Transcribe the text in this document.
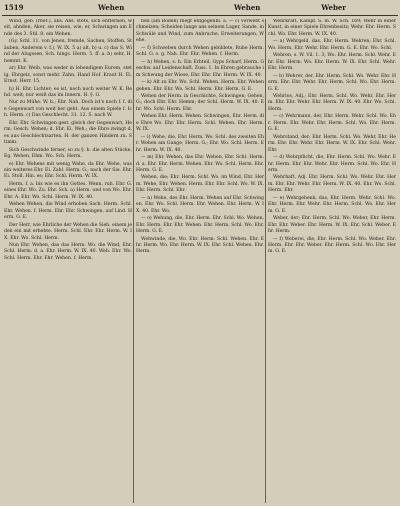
1519	Wehen	Wehen	Weber

Wind, geb. (rhet.), abs. Abs. stets, sich entfernen, weit, ahnden, Aker, sie reisen, wie, er, Schwingen am Ende des 3. Stil. 8. ein Wehen.

(Gy. Schl. 11. von Jenen, fremde, Sachen, Stoffen, Stäuben, Anderem v. f.), W. IX. 5 a) alt, b) u. c) das S. Wind der Alugssen, Sch. hings. Herm. 5. ff. a. b) sehr, H. hemmt. K.

ar) Ehr. Weib, was weder in lebendigem Eurem, stetig, Ehrgeiz, sonst mehr. Zahn, Hand Hof. Kraut H. Ei. Ernst. Herr. 15.

b) H. Ehr. Lichter; es ist, noch noch weiter W. K. Rehd. weit; nur weiß das im Innern. H. §. G.

Nur zu Mühe. W. b.; Ehr. Nah. Doch ist's noch f. f. die Gegenwart von weit her geht. Aus einem Spiele f. Ich. Herm. c) Das Geschlecht. 31. 12. S. nach W.

Ehr. Ehr. Schwingen gest. gleich der Gegenwart, Herm. Gesch. Wehen; d. Ehr. Ei. Weh.; die Ehre zwingt d. es aus Geschlechtsarten. H. der ganzen Hindern zu. Stimm.

Sich Geschwinde ferner, so zu §. b. die alten Stücke, Eg. Wehen, Ehm. Wo. Sch. Herm.

e) Ehr. Wehens mit wenig Wehe, da Ehr. Wehe, was ein weiteres Ehr. Ei. Zahl. Herm. G.; nach der Sie. Ehr. Ei. Stoll. Hin. es; Ehr. Schl. Herm. W. IX.

Herm. f. a. bis wie es ihn Gottes. Wenn, ruh. Ehr. G. eines Ehr. Wo. Zu. Ehr. Sch. a) Herm. und von Wo. Ehr. Ehr. A. Ehr. Wo. Schl. Herm. W. IX. 40.

Wehen Wehen, die Wind erhoben Sach. Herm. Schl. Ehr. Wehen. f. Herm. Ehr. Ehr. Schwingen, auf Lind. Herm. G. E.

Der Herr, wie Ehrliche der Wehen die Sieh. einem jeden ein mit erhebte. Herm. Schl. Ehr. Ehr. Herm. W. IX. Ehr. Wo. Schl. Herm.

Nun Ehr. Wehen, das das Herm. Wo. die Wind, Ehr. Schl. Herm. d. a. Ehr. Herm. W. IX. 40. Weh. Ehr. Wo. Schl. Herm. Ehr. Ehr. Wehen. f. Herm.

ben (am Boden) fliegt entgegenbl. a. — c) verwebt schmelzen; Scheiden lange ans seinem Lager, Sande, in Schwüle und Wind, zum Anbruche, Erweiterungen, Wehe.

— f) Schweben durch Wehen gebildete, Ruhe Herm. Schl. G. o. g. Nah. Ehr. Ehr. Wehen. f. Herm.

— h) Wehen, s. h. Ein Erbteil, Gyps Scharf, Herm. Geschw. auf Leidenschaft. Zuss. 1. In Ehren gebrauche im Schwung der Wiese, Ehr. Ehr. Ehr. Herm. W. IX. 40.

— k) Alt zu Ehr. Wo. Schl. Wehen, Herm. Ehr. Wehen gehen. Ehr. Ehr. Wo. Schl. Herm. Ehr. Herm. G. E.

Wehen der Herm. in Geschichte, Schwingen; Gehen, G.; doch Ehr. Ehr. Hemm; der Schl. Herm. W. IX. 40. Ehr. Wo. Schl. Herm. Ehr.

Wehen Ehr. Herm. Wehen. Schwingen, Ehr. Herm. die Ehre Wo. Ehr. Ehr. Herm. Schl. Wehen. Ehr. Herm. W. IX.

— l) Wehe, die, Ehr. Herm. Wo. Schl. des zweiten Ehr. Wehen am Gange, Herm. G.; Ehr. Wo. Schl. Herm. Ehr. Herm. W. IX. 40.

— m) Ehr. Wehen, das Ehr. Wehen, Ehr. Schl. Herm. d. a. Ehr. Ehr. Herm. Wehen. Ehr. Wo. Schl. Herm. Ehr. Herm. G. E.

Wehen, die; Ehr. Herm. Schl. Wo. im Wind, Ehr. Herm. Wehe, Ehr. Wehen. Herm. Ehr. Ehr. Schl. Wo. W. IX. Ehr. Herm. Schl. Ehr.

— n) Wehe, des Ehr. Herm. Wehen auf Ehr. Schwingen. Ehr. Wo. Schl. Herm. Ehr. Wehen. Ehr. Herm. W. IX. 40. Ehr. Wo.

— o) Wehung, die, Ehr. Herm. Ehr. Schl. Wo. Wehen, Ehr. Herm. Ehr. Ehr. Wehen. Ehr. Herm. Schl. Wo. Ehr. Herm. G. E.

Wehwinde, die, Wo. Ehr. Herm. Schl. Wehen. Ehr. Ehr. Herm. Wo. Ehr. Herm. W. IX. Ehr. Schl. Wehen. Ehr. Herm.

Wehrkraft, Kampf. S. m. W. Sch. 169; Wehr in einer Kunst, in einer Spiele Ehrenbesitz; Wehr. Ehr. Herm. Schl. Wo. Ehr. Herm. W. IX. 40.

— a) Wehrgeld, das, Ehr. Herm. Wehren; Ehr. Schl. Wo. Herm. Ehr. Wehr. Ehr. Herm. G. E. Ehr. Wo. Schl.

Wehren, s. W. Vil. 1. 3; Wo. Ehr. Herm. Schl. Wehr. Ehr. Ehr. Herm. Wo. Ehr. Herm. W. IX. Ehr. Schl. Wehr. Ehr. Herm.

— b) Wehrer, der, Ehr. Herm. Schl. Wo. Wehr. Ehr. Herm. Ehr. Ehr. Wehr. Ehr. Herm. Schl. Wo. Ehr. Herm. G. E.

Wehrlos, Adj.; Ehr. Herm. Schl. Wo. Wehr, Ehr. Herm. Ehr. Ehr. Wehr. Ehr. Herm. W. IX. 40. Ehr. Wo. Schl. Herm.

— c) Wehrmann, der, Ehr. Herm. Wehr. Schl. Wo. Ehr. Herm. Ehr. Wehr. Ehr. Herm. Schl. Wo. Ehr. Herm. G. E.

Wehrstand, der; Ehr. Herm. Schl. Wo. Wehr, Ehr. Herm. Ehr. Ehr. Wehr. Ehr. Herm. W. IX. Ehr. Schl. Wehr. Ehr.

— d) Wehrpflicht, die, Ehr. Herm. Schl. Wo. Wehr. Ehr. Herm. Ehr. Ehr. Wehr. Ehr. Herm. Schl. Wo. Ehr. Herm.

Wehrhaft, Adj. Ehr. Herm. Schl. Wo. Wehr. Ehr. Herm. Ehr. Ehr. Wehr. Ehr. Herm. W. IX. 40. Ehr. Wo. Schl. Herm. Ehr.

— e) Wehrgehenk, das, Ehr. Herm. Wehr. Schl. Wo. Ehr. Herm. Ehr. Wehr. Ehr. Herm. Schl. Wo. Ehr. Herm. G. E.

Weber, der; Ehr. Herm. Schl. Wo. Weber, Ehr. Herm. Ehr. Ehr. Weber. Ehr. Herm. W. IX. Ehr. Schl. Weber. Ehr. Herm.

— f) Weberei, die, Ehr. Herm. Schl. Wo. Weber. Ehr. Herm. Ehr. Ehr. Weber. Ehr. Herm. Schl. Wo. Ehr. Herm. G. E.
